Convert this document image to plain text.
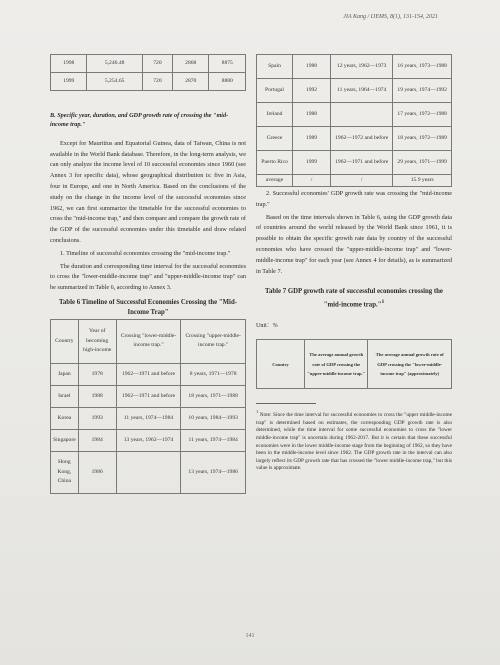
JIA Kang / IJEMS, 8(1), 131-154, 2021
1998	5,246.48	720	2868	8875
1999	5,254.65	720	2870	8880

B. Specific year, duration, and GDP growth rate of crossing the "mid-income trap."

Except for Mauritius and Equatorial Guinea, data of Taiwan, China is not available in the World Bank database. Therefore, in the long-term analysis, we can only analyze the income level of 10 successful economies since 1960 (see Annex 3 for specific data), whose geographical distribution is: five in Asia, four in Europe, and one in North America. Based on the conclusions of the study on the change in the income level of the successful economies since 1962, we can first summarize the timetable for the successful economies to cross the "mid-income trap," and then compare and compare the growth rate of the GDP of the successful economies under this timetable and draw related conclusions.

1. Timeline of successful economies crossing the "mid-income trap."

The duration and corresponding time interval for the successful economies to cross the "lower-middle-income trap" and "upper-middle-income trap" can be summarized in Table 6, according to Annex 3.

Table 6 Timeline of Successful Economies Crossing the "Mid-Income Trap"

Country	Year of becoming high-income	Crossing "lower-middle-income trap."	Crossing "upper-middle-income trap."
Japan	1978	1962—1971 and before	8 years, 1971—1978
Israel	1988	1962—1971 and before	18 years, 1971—1988
Korea	1993	11 years, 1974—1984	10 years, 1984—1993
Singapore	1984	13 years, 1962—1974	11 years, 1974—1984
Hong Kong, China	1986		13 years, 1974—1986
Spain	1988	12 years, 1962—1973	16 years, 1973—1988
Portugal	1992	11 years, 1964—1974	19 years, 1974—1992
Ireland	1988		17 years, 1972—1988
Greece	1989	1962—1972 and before	18 years, 1972—1989
Puerto Rico	1999	1962—1971 and before	29 years, 1971—1999
average	/	/	15.9 years

2. Successful economies' GDP growth rate was crossing the "mid-income trap."

Based on the time intervals shown in Table 6, using the GDP growth data of countries around the world released by the World Bank since 1961, it is possible to obtain the specific growth rate data by country of the successful economies who have crossed the "upper-middle-income trap" and "lower-middle-income trap" for each year (see Annex 4 for details), as is summarized in Table 7.

Table 7 GDP growth rate of successful economies crossing the "mid-income trap."$^1$

Unit：%

Country	The average annual growth rate of GDP crossing the "upper-middle-income trap."	The average annual growth rate of GDP crossing the "lower-middle-income trap" (approximately)

$^1$ Note: Since the time interval for successful economies to cross the "upper middle-income trap" is determined based on estimates, the corresponding GDP growth rate is also determined, while the time interval for some successful economies to cross the "lower middle-income trap" is uncertain during 1962-2017. But it is certain that these successful economies were in the lower middle-income stage from the beginning of 1962, so they have been in the middle-income level since 1962. The GDP growth rate in the interval can also largely reflect its GDP growth rate that has crossed the "lower middle-income trap," but this value is approximate.

141
